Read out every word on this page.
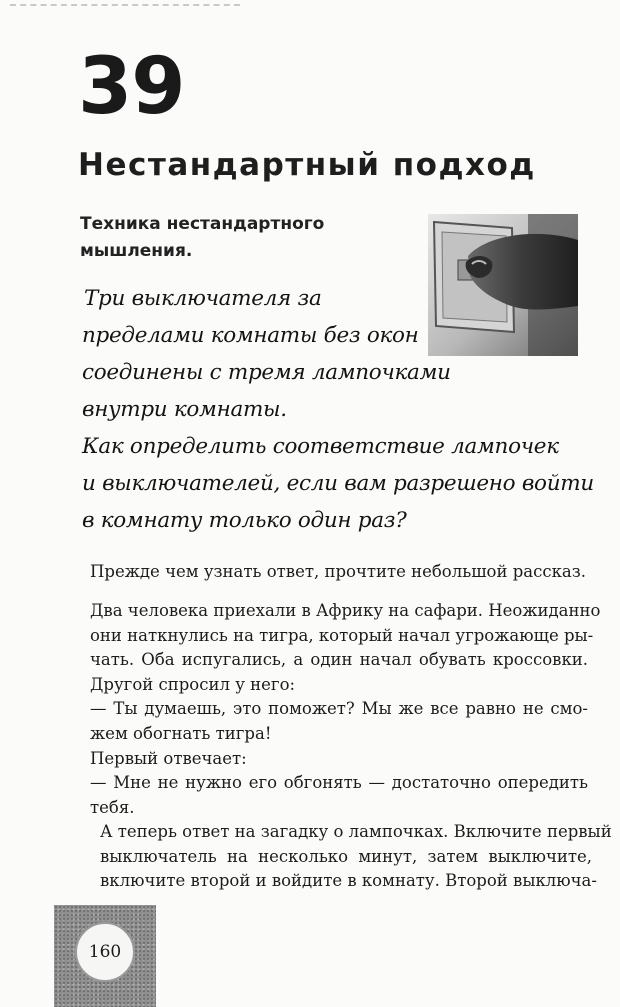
39
Нестандартный подход
Техника нестандартного
мышления.
Три выключателя за
пределами комнаты без окон
соединены с тремя лампочками
внутри комнаты.
Как определить соответствие лампочек
и выключателей, если вам разрешено войти
в комнату только один раз?
Прежде чем узнать ответ, прочтите небольшой рассказ.
Два человека приехали в Африку на сафари. Неожиданно
они наткнулись на тигра, который начал угрожающе ры-
чать. Оба испугались, а один начал обувать кроссовки.
Другой спросил у него:
— Ты думаешь, это поможет? Мы же все равно не смо-
жем обогнать тигра!
Первый отвечает:
— Мне не нужно его обгонять — достаточно опередить
тебя.
А теперь ответ на загадку о лампочках. Включите первый
выключатель на несколько минут, затем выключите,
включите второй и войдите в комнату. Второй выключа-
160
